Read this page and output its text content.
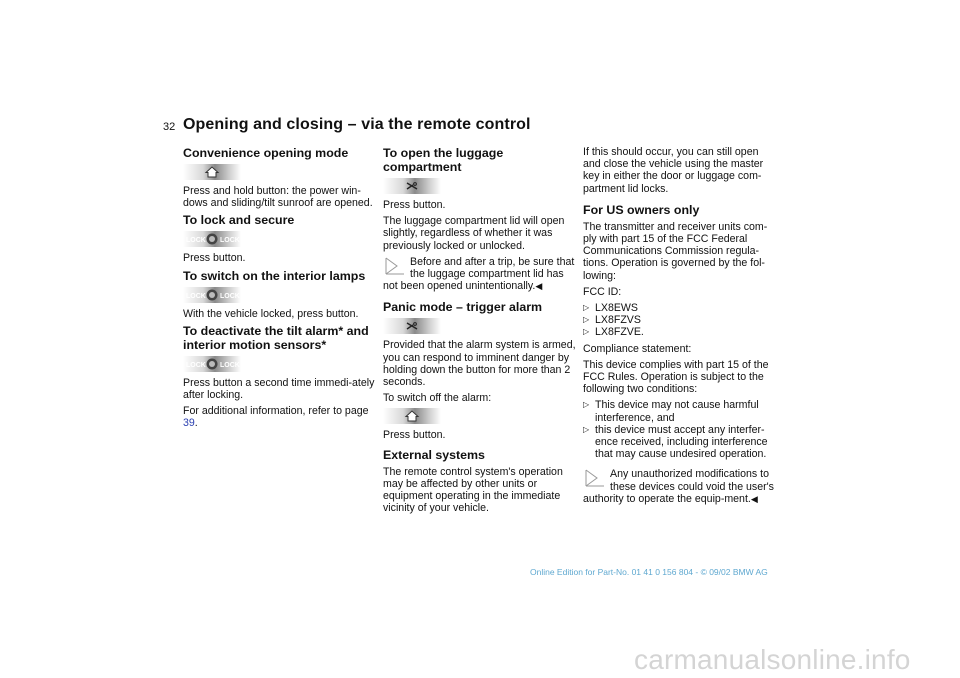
32 Opening and closing – via the remote control
Convenience opening mode

Press and hold button: the power win-dows and sliding/tilt sunroof are opened.

To lock and secure
LOCK LOCK

Press button.

To switch on the interior lamps
LOCK LOCK

With the vehicle locked, press button.

To deactivate the tilt alarm* and interior motion sensors*
LOCK LOCK

Press button a second time immedi-ately after locking.

For additional information, refer to page 39.

To open the luggage compartment

Press button.

The luggage compartment lid will open slightly, regardless of whether it was previously locked or unlocked.

Before and after a trip, be sure that the luggage compartment lid has not been opened unintentionally.◀
Panic mode – trigger alarm

Provided that the alarm system is armed, you can respond to imminent danger by holding down the button for more than 2 seconds.

To switch off the alarm:

Press button.

External systems

The remote control system's operation may be affected by other units or equipment operating in the immediate vicinity of your vehicle.

If this should occur, you can still open and close the vehicle using the master key in either the door or luggage com-partment lid locks.

For US owners only

The transmitter and receiver units com-ply with part 15 of the FCC Federal Communications Commission regula-tions. Operation is governed by the fol-lowing:

FCC ID:

▷ LX8EWS

▷ LX8FZVS

▷ LX8FZVE.

Compliance statement:

This device complies with part 15 of the FCC Rules. Operation is subject to the following two conditions:

▷ This device may not cause harmful interference, and

▷ this device must accept any interfer-ence received, including interference that may cause undesired operation.

Any unauthorized modifications to these devices could void the user's authority to operate the equip-ment.◀
Online Edition for Part-No. 01 41 0 156 804 - © 09/02 BMW AG
carmanualsonline.info
